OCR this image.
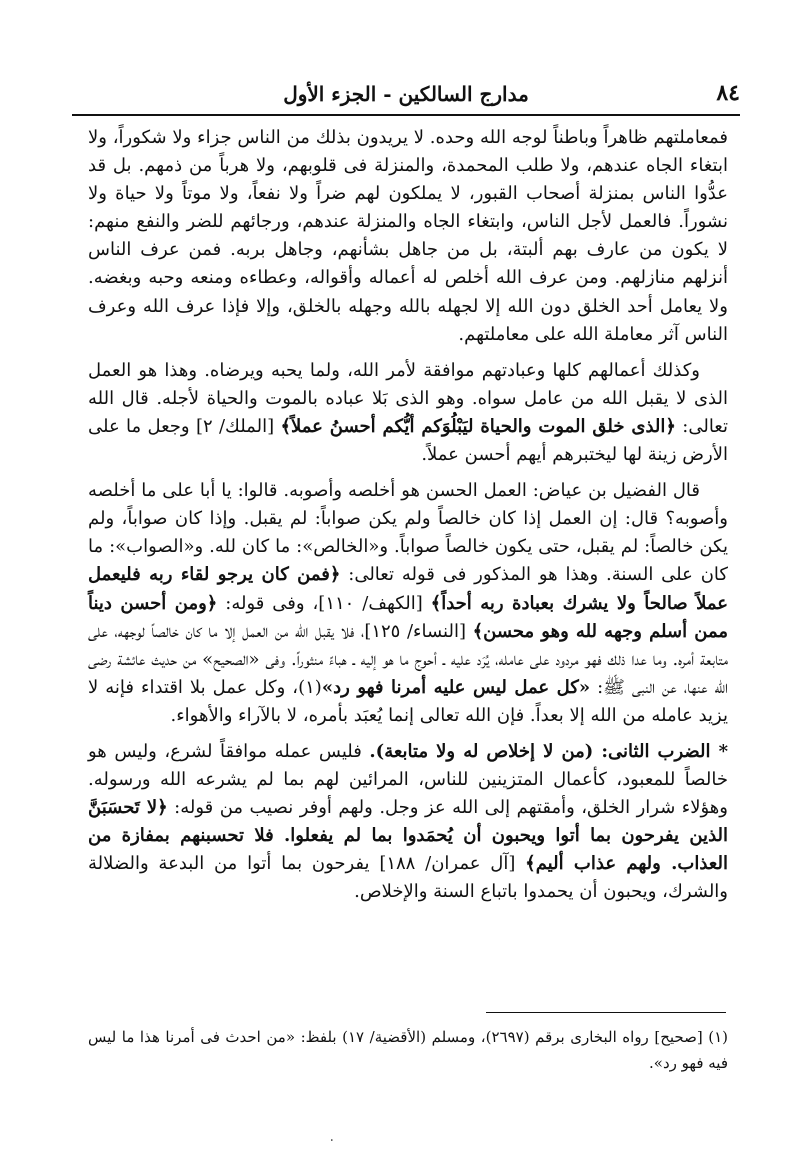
٨٤
مدارج السالكين - الجزء الأول

فمعاملتهم ظاهراً وباطناً لوجه الله وحده. لا يريدون بذلك من الناس جزاء ولا شكوراً، ولا ابتغاء الجاه عندهم، ولا طلب المحمدة، والمنزلة فى قلوبهم، ولا هرباً من ذمهم. بل قد عدُّوا الناس بمنزلة أصحاب القبور، لا يملكون لهم ضراً ولا نفعاً، ولا موتاً ولا حياة ولا نشوراً. فالعمل لأجل الناس، وابتغاء الجاه والمنزلة عندهم، ورجائهم للضر والنفع منهم: لا يكون من عارف بهم ألبتة، بل من جاهل بشأنهم، وجاهل بربه. فمن عرف الناس أنزلهم منازلهم. ومن عرف الله أخلص له أعماله وأقواله، وعطاءه ومنعه وحبه وبغضه. ولا يعامل أحد الخلق دون الله إلا لجهله بالله وجهله بالخلق، وإلا فإذا عرف الله وعرف الناس آثر معاملة الله على معاملتهم.

وكذلك أعمالهم كلها وعبادتهم موافقة لأمر الله، ولما يحبه ويرضاه. وهذا هو العمل الذى لا يقبل الله من عامل سواه. وهو الذى بَلا عباده بالموت والحياة لأجله. قال الله تعالى: ﴿الذى خلق الموت والحياة ليَبْلُوَكم أيُّكم أحسنُ عملاً﴾ [الملك/ ٢] وجعل ما على الأرض زينة لها ليختبرهم أيهم أحسن عملاً.

قال الفضيل بن عياض: العمل الحسن هو أخلصه وأصوبه. قالوا: يا أبا على ما أخلصه وأصوبه؟ قال: إن العمل إذا كان خالصاً ولم يكن صواباً: لم يقبل. وإذا كان صواباً، ولم يكن خالصاً: لم يقبل، حتى يكون خالصاً صواباً. و«الخالص»: ما كان لله. و«الصواب»: ما كان على السنة. وهذا هو المذكور فى قوله تعالى: ﴿فمن كان يرجو لقاء ربه فليعمل عملاً صالحاً ولا يشرك بعبادة ربه أحداً﴾ [الكهف/ ١١٠]، وفى قوله: ﴿ومن أحسن ديناً ممن أسلم وجهه لله وهو محسن﴾ [النساء/ ١٢٥]، فلا يقبل الله من العمل إلا ما كان خالصاً لوجهه، على متابعة أمره. وما عدا ذلك فهو مردود على عامله، يُرَد عليه ـ أحوج ما هو إليه ـ هباءً منثوراً. وفى «الصحيح» من حديث عائشة رضى الله عنها، عن النبى ﷺ: «كل عمل ليس عليه أمرنا فهو رد»(١)، وكل عمل بلا اقتداء فإنه لا يزيد عامله من الله إلا بعداً. فإن الله تعالى إنما يُعبَد بأمره، لا بالآراء والأهواء.

* الضرب الثانى: (من لا إخلاص له ولا متابعة). فليس عمله موافقاً لشرع، وليس هو خالصاً للمعبود، كأعمال المتزينين للناس، المرائين لهم بما لم يشرعه الله ورسوله. وهؤلاء شرار الخلق، وأمقتهم إلى الله عز وجل. ولهم أوفر نصيب من قوله: ﴿لا تَحسَبَنَّ الذين يفرحون بما أتوا ويحبون أن يُحمَدوا بما لم يفعلوا. فلا تحسبنهم بمفازة من العذاب. ولهم عذاب أليم﴾ [آل عمران/ ١٨٨] يفرحون بما أتوا من البدعة والضلالة والشرك، ويحبون أن يحمدوا باتباع السنة والإخلاص.

(١) [صحيح] رواه البخارى برقم (٢٦٩٧)، ومسلم (الأقضية/ ١٧) بلفظ: «من احدث فى أمرنا هذا ما ليس فيه فهو رد».
٠
